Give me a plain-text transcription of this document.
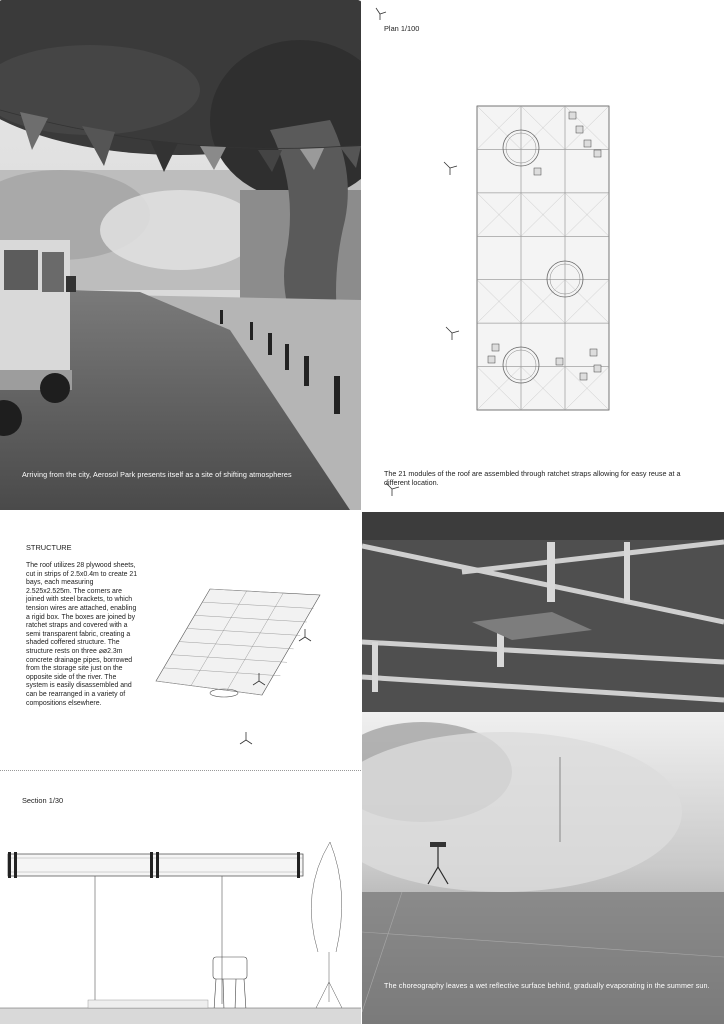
Arriving from the city, Aerosol Park presents itself as a site of shifting atmospheres
Plan 1/100
The 21 modules of the roof are assembled through ratchet straps allowing for easy reuse at a different location.
STRUCTURE
The roof utilizes 28 plywood sheets, cut in strips of 2.5x0.4m to create 21 bays, each measuring 2.525x2.525m. The corners are joined with steel brackets, to which tension wires are attached, enabling a rigid box. The boxes are joined by ratchet straps and covered with a semi transparent fabric, creating a shaded coffered structure. The structure rests on three ⌀ø2.3m concrete drainage pipes, borrowed from the storage site just on the opposite side of the river. The system is easily disassembled and can be rearranged in a variety of compositions elsewhere.
Section 1/30
The choreography leaves a wet reflective surface behind, gradually evaporating in the summer sun.
